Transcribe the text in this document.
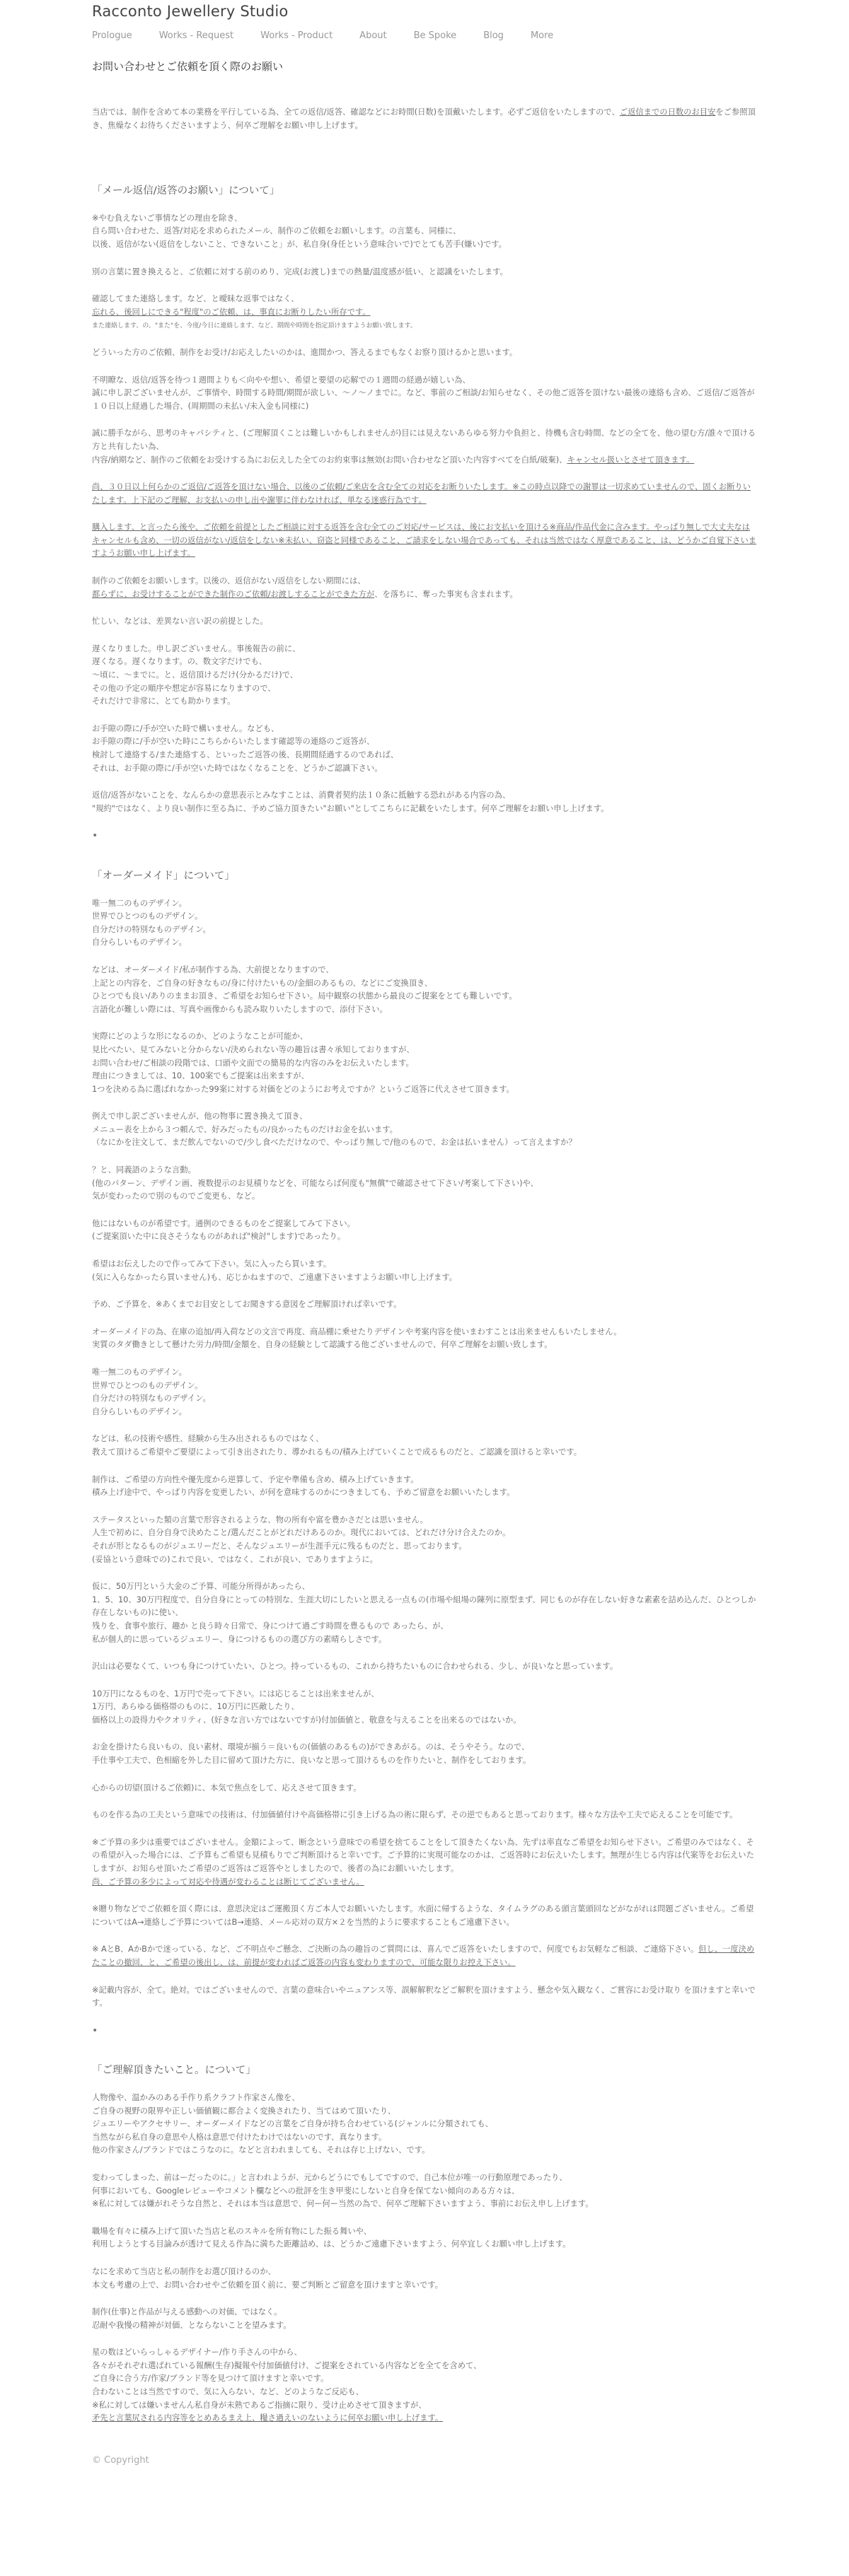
Racconto Jewellery Studio
Prologue	Works - Request	Works - Product	About	Be Spoke	Blog	More
お問い合わせとご依頼を頂く際のお願い

当店では、制作を含めて本の業務を平行している為、全ての返信/返答、確認などにお時間(日数)を頂戴いたします。必ずご返信をいたしますので、ご返信までの日数のお目安をご参照頂き、焦燥なくお待ちくださいますよう、何卒ご理解をお願い申し上げます。

「メール返信/返答のお願い」について」

※やむ負えないご事情などの理由を除き、
自ら問い合わせた、返答/対応を求められたメール、制作のご依頼をお願いします。の言葉も、同様に、
以後、返信がない(返信をしないこと、できないこと」が、私自身(身任という意味合いで)でとても苦手(嫌い)です。

別の言葉に置き換えると、ご依頼に対する前のめり、完成(お渡し)までの熱量/温度感が低い、と認識をいたします。

確認してまた連絡します。など、と曖昧な返事ではなく、
忘れる、後回しにできる"程度"のご依頼、は、事直にお断りしたい所存です。
また連絡します、の、"また"を、今度/今日に連絡します、など、期間や時間を指定頂けますようお願い致します。

どういった方のご依頼、制作をお受け/お応えしたいのかは、進間かつ、答えるまでもなくお察り頂けるかと思います。

不明瞭な、返信/返答を待つ１週間よりも＜向やや想い、希望と要望の応解での１週間の経過が嬉しい為、
誠に申し訳ございませんが、ご事情や、時間する時間/期間が欲しい、〜ノ〜ノまでに。など、事前のご相談/お知らせなく、その他ご返答を頂けない最後の連絡も含め、ご返信/ご返答が１０日以上経過した場合、(周期間の未払い/未入金も同様に)

誠に勝手ながら、思考のキャパシティと、(ご理解頂くことは難しいかもしれませんが)目には見えないあらゆる努力や負担と、待機も含む時間、などの全てを、他の望む方/誰々で頂ける方と共有したい為、
内容/納期など、制作のご依頼をお受けする為にお伝えした全てのお約束事は無効(お問い合わせなど頂いた内容すべてを白紙/破棄)、キャンセル扱いとさせて頂きます。

尚、３０日以上何らかのご返信/ご返答を頂けない場合、以後のご依頼/ご来店を含む全ての対応をお断りいたします。※この時点以降での謝罪は一切求めていませんので、固くお断りいたします。上下記のご理解、お支払いの申し出や謝罪に伴わなければ、単なる迷惑行為です。

購入します、と言ったら後や、ご依頼を前提としたご相談に対する返答を含む全てのご対応/サービスは、後にお支払いを頂ける※商品/作品代金に含みます。やっぱり無しで大丈夫なはキャンセルも含め、一切の返信がない/返信をしない※未払い、窃盗と同様であること、ご請求をしない場合であっても、それは当然ではなく厚意であること、は、どうかご自覚下さいますようお願い申し上げます。

制作のご依頼をお願いします。以後の、返信がない/返信をしない期間には、
都らずに、お受けすることができた制作のご依頼/お渡しすることができた方が、を落ちに、奪った事実も含まれます。

忙しい、などは、差異ない言い訳の前提とした。

遅くなりました。申し訳ございません。事後報告の前に、
遅くなる。遅くなります。の、数文字だけでも、
〜頃に、〜までに。と、返信頂けるだけ(分かるだけ)で、
その他の予定の順序や想定が容易になりますので、
それだけで非常に、とても助かります。

お手隙の際に/手が空いた時で構いません。なども、
お手隙の際に/手が空いた時にこちらからいたします確認等の連絡のご返答が、
検討して連絡する/また連絡する、といったご返答の後、長期間経過するのであれば、
それは、お手隙の際に/手が空いた時ではなくなることを、どうかご認識下さい。

返信/返答がないことを、なんらかの意思表示とみなすことは、消費者契約法１０条に抵触する恐れがある内容の為、
"規約"ではなく、より良い制作に至る為に、予めご協力頂きたい"お願い"としてこちらに記載をいたします。何卒ご理解をお願い申し上げます。

•
「オーダーメイド」について」

唯一無二のものデザイン。
世界でひとつのものデザイン。
自分だけの特別なものデザイン。
自分らしいものデザイン。

などは、オーダーメイド/私が制作する為、大前提となりますので、
上記との内容を、ご自身の好きなもの/身に付けたいもの/金細のあるもの、などにご変換頂き、
ひとつでも良い/ありのままお頂き、ご希望をお知らせ下さい。局中観察の状態から最良のご提案をとても難しいです。
言語化が難しい際には、写真や画像からも読み取りいたしますので、添付下さい。

実際にどのような形になるのか、どのようなことが可能か、
見比べたい、見てみないと分からない/決められない等の趣旨は書々承知しておりますが、
お問い合わせ/ご相談の段階では、口頭や文面での簡易的な内容のみをお伝えいたします。
理由につきましては、10、100案でもご提案は出来ますが、
1つを決める為に選ばれなかった99案に対する対価をどのようにお考えですか？というご返答に代えさせて頂きます。

例えで申し訳ございませんが、他の物事に置き換えて頂き、
メニュー表を上から３つ頼んで、好みだったもの/良かったものだけお金を払います。
（なにかを注文して、まだ飲んでないので/少し食べただけなので、やっぱり無しで/他のもので、お金は払いません）って言えますか？

？と、同義語のような言動。
(他のパターン、デザイン画、複数提示のお見積りなどを、可能ならば何度も"無償"で確認させて下さい/考案して下さい)や、
気が変わったので別のものでご変更も、など。

他にはないものが希望です。通例のできるものをご提案してみて下さい。
(ご提案頂いた中に良さそうなものがあれば"検討"します)であったり。

希望はお伝えしたので作ってみて下さい。気に入ったら買います。
(気に入らなかったら買いません)も、応じかねますので、ご遠慮下さいますようお願い申し上げます。

予め、ご予算を、※あくまでお目安としてお聞きする意図をご理解頂ければ幸いです。

オーダーメイドの為、在庫の追加/再入荷などの文言で再度、商品棚に乗せたりデザインや考案内容を使いまわすことは出来ませんもいたしません。
実質のタダ働きとして懸けた労力/時間/金額を、自身の経験として認識する他ございませんので、何卒ご理解をお願い致します。

唯一無二のものデザイン。
世界でひとつのものデザイン。
自分だけの特別なものデザイン。
自分らしいものデザイン。

などは、私の技術や感性、経験から生み出されるものではなく、
教えて頂けるご希望やご要望によって引き出されたり、導かれるもの/積み上げていくことで成るものだと、ご認識を頂けると幸いです。

制作は、ご希望の方向性や優先度から逆算して、予定や準備も含め、積み上げていきます。
積み上げ途中で、やっぱり内容を変更したい、が何を意味するのかにつきましても、予めご留意をお願いいたします。

ステータスといった類の言葉で形容されるような、物の所有や富を豊かさだとは思いません。
人生で初めに、自分自身で決めたこと/選んだことがどれだけあるのか。現代においては、どれだけ分け合えたのか。
それが形となるものがジュエリーだと、そんなジュエリーが生涯手元に残るものだと、思っております。
(妥協という意味での)これで良い、ではなく、これが良い、でありますように。

仮に、50万円という大金のご予算、可能分所得があったら、
1、5、10、30万円程度で、自分自身にとっての特別な、生涯大切にしたいと思える一点もの(市場や組場の陳列に原型まず、同じものが存在しない好きな素素を詰め込んだ、ひとつしか存在しないもの)に使い、
残りを、食事や旅行、趣か と良う時々日常で、身につけて過ごす時間を豊るもので あったら、が、
私が個人的に思っているジュエリー、身につけるものの選び方の素晴らしさです。

沢山は必要なくて、いつも身につけていたい、ひとつ。持っているもの、これから持ちたいものに合わせられる、少し、が良いなと思っています。

10万円になるものを、1万円で売って下さい。には応じることは出来ませんが、
1万円、あらゆる価格帯のものに、10万円に匹敵したり、
価格以上の設得力やクオリティ、(好きな言い方ではないですが)付加価値と、敬意を与えることを出来るのではないか。

お金を掛けたら良いもの、良い素材、環境が揃う＝良いもの(価値のあるもの)ができあがる。のは、そうやそう。なので、
手仕事や工夫で、色相縮を外した目に留めて頂けた方に、良いなと思って頂けるものを作りたいと、制作をしております。

心からの切望(頂けるご依頼)に、本気で焦点をして、応えさせて頂きます。

ものを作る為の工夫という意味での技術は、付加価値付けや高価格帯に引き上げる為の術に限らず、その逆でもあると思っております。様々な方法や工夫で応えることを可能です。

※ご予算の多少は重要ではございません。金額によって、断念という意味での希望を捨てることをして頂きたくない為、先ずは率直なご希望をお知らせ下さい。ご希望のみではなく、その希望が入った場合には、ご予算もご希望も見積もりでご判断頂けると幸いです。ご予算的に実現可能なのかは、ご返答時にお伝えいたします。無理が生じる内容は代案等をお伝えいたしますが、お知らせ頂いたご希望のご返答はご返答やとしましたので、後者の為にお願いいたします。
尚、ご予算の多少によって対応や待遇が変わることは断じてございません。

※贈り物などでご依頼を頂く際には、意思決定はご運搬頂く方ご本人でお願いいたします。水面に帰するような、タイムラグのある頭言葉頭回などがながれは問題ございません。ご希望についてはA→連絡しご予算についてはB→連絡、メール応対の双方×２を当然的ように要求することもご遠慮下さい。

※ AとB、AかBかで迷っている、など、ご不明点やご懸念、ご決断の為の趣旨のご質問には、喜んでご返答をいたしますので、何度でもお気軽なご相談、ご連絡下さい。但し、一度決めたことの撤回、と、ご希望の後出し、は、前提が変わればご返答の内容も変わりますので、可能な限りお控え下さい。

※記載内容が、全て。絶対。ではございませんので、言葉の意味合いやニュアンス等、誤解解釈などご解釈を頂けますよう、懸念や気入観なく、ご賞容にお受け取り を頂けますと幸いです。

•
「ご理解頂きたいこと。について」

人物像や、温かみのある手作り系クラフト作家さん像を、
ご自身の視野の限界や正しい価値観に都合よく変換されたり、当てはめて頂いたり、
ジュエリーやアクセサリー、オーダーメイドなどの言葉をご自身が持ち合わせている(ジャンルに分類されても、
当然ながら私自身の意思や人格は意思で付けたわけではないのです、真なります。
他の作家さん/ブランドではこうなのに。などと言われましても、それは存じ上げない、です。

変わってしまった、前はーだったのに。」と言われようが、元からどうにでもしてですので、自己本位が唯一の行動原理であったり、
何事においても、Googleレビューやコメント欄などへの批評を生き甲斐にしないと自身を保てない傾向のある方々は、
※私に対しては嫌がれそうな自然と、それは本当は意思で、何ー何ー当然の為で、何卒ご理解下さいますよう、事前にお伝え申し上げます。

職場を有々に積み上げて頂いた当店と私のスキルを所有物にした振る舞いや、
利用しようとする目論みが透けて見える作為に満ちた距離詰め、は、どうかご遠慮下さいますよう、何卒宜しくお願い申し上げます。

なにを求めて当店と私の制作をお選び頂けるのか、
本文も考慮の上で、お問い合わせやご依頼を頂く前に、要ご判断とご留意を頂けますと幸いです。

制作(仕事)と作品が与える感動への対価、ではなく。
忍耐や我慢の精神が対価、とならないことを望みます。

星の数ほどいらっしゃるデザイナー/作り手さんの中から、
各々がそれぞれ選ばれている報酬(生存)擬報や付加価値付け、ご提案をされている内容などを全てを含めて、
ご自身に合う方/作家/ブランド等を見つけて頂けますと幸いです。
合わないことは当然ですので、気に入らない、など、どのようなご反応も、
※私に対しては嫌いませんん私自身が未熟であるご指摘に限り、受け止めさせて頂きますが、
矛先と言葉尻される内容等をとめあるまえ上、糧さ過えいのないように何卒お願い申し上げます。

© Copyright
